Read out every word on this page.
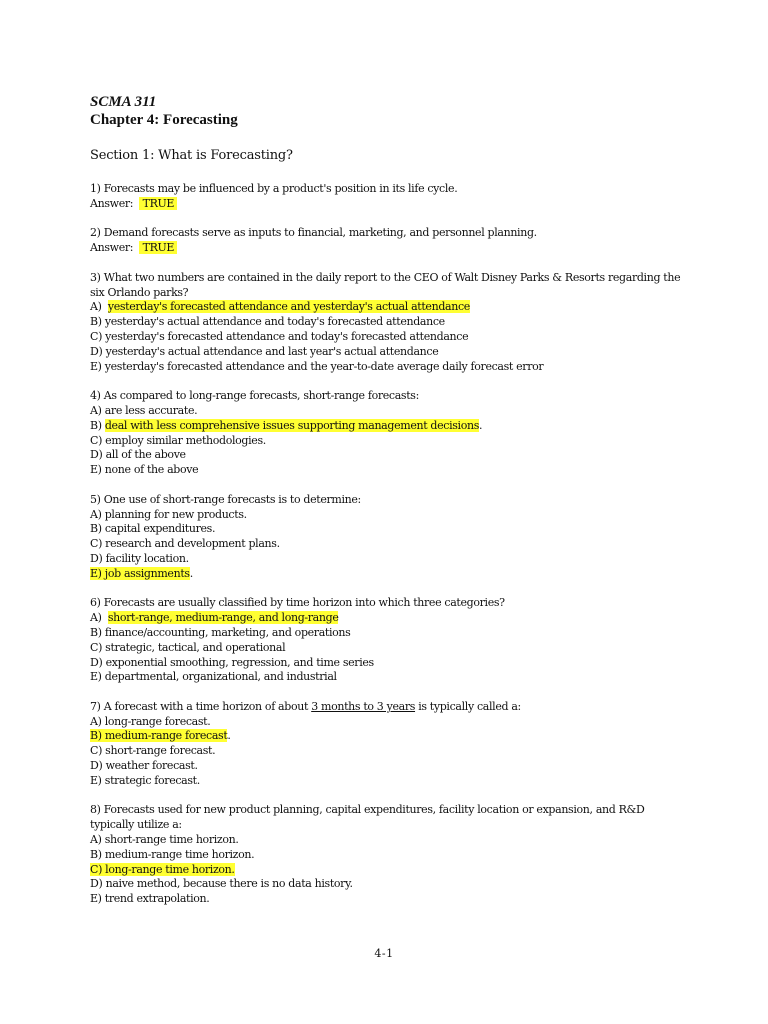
SCMA 311

Chapter 4: Forecasting

Section 1: What is Forecasting?

1) Forecasts may be influenced by a product's position in its life cycle.
Answer: TRUE
2) Demand forecasts serve as inputs to financial, marketing, and personnel planning.
Answer: TRUE
3) What two numbers are contained in the daily report to the CEO of Walt Disney Parks & Resorts regarding the six Orlando parks?
A) yesterday's forecasted attendance and yesterday's actual attendance
B) yesterday's actual attendance and today's forecasted attendance
C) yesterday's forecasted attendance and today's forecasted attendance
D) yesterday's actual attendance and last year's actual attendance
E) yesterday's forecasted attendance and the year-to-date average daily forecast error
4) As compared to long-range forecasts, short-range forecasts:
A) are less accurate.
B) deal with less comprehensive issues supporting management decisions.
C) employ similar methodologies.
D) all of the above
E) none of the above
5) One use of short-range forecasts is to determine:
A) planning for new products.
B) capital expenditures.
C) research and development plans.
D) facility location.
E) job assignments.
6) Forecasts are usually classified by time horizon into which three categories?
A) short-range, medium-range, and long-range
B) finance/accounting, marketing, and operations
C) strategic, tactical, and operational
D) exponential smoothing, regression, and time series
E) departmental, organizational, and industrial
7) A forecast with a time horizon of about 3 months to 3 years is typically called a:
A) long-range forecast.
B) medium-range forecast.
C) short-range forecast.
D) weather forecast.
E) strategic forecast.
8) Forecasts used for new product planning, capital expenditures, facility location or expansion, and R&D typically utilize a:
A) short-range time horizon.
B) medium-range time horizon.
C) long-range time horizon.
D) naive method, because there is no data history.
E) trend extrapolation.
4-1
